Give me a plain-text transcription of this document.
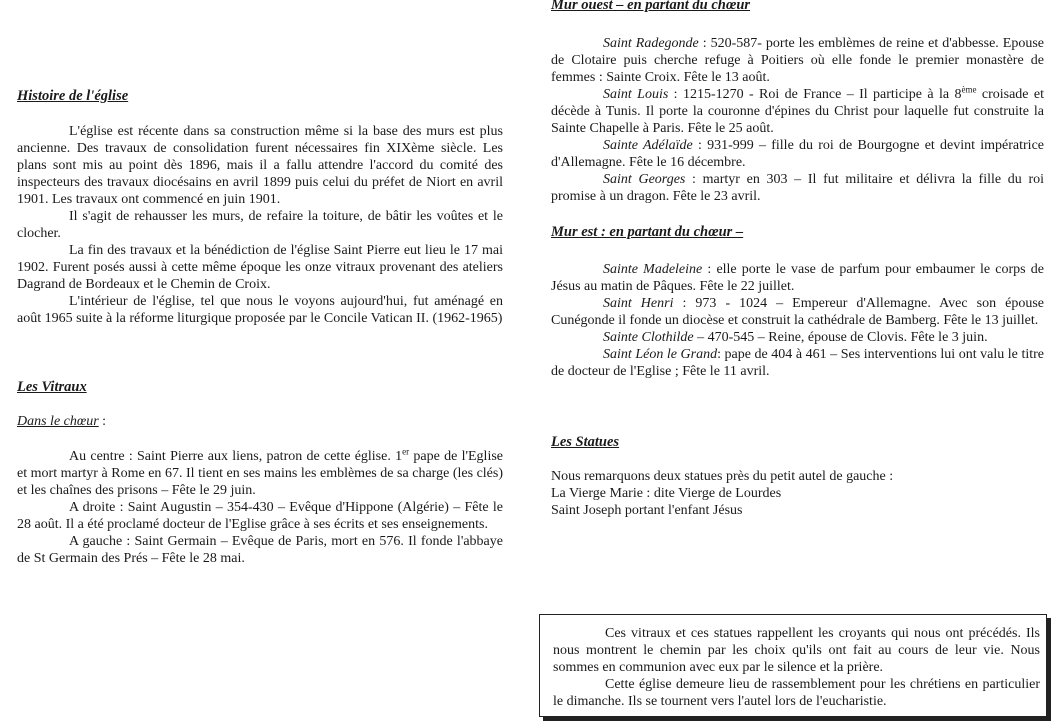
Histoire de l'église

L'église est récente dans sa construction même si la base des murs est plus ancienne. Des travaux de consolidation furent nécessaires fin XIXème siècle. Les plans sont mis au point dès 1896, mais il a fallu attendre l'accord du comité des inspecteurs des travaux diocésains en avril 1899 puis celui du préfet de Niort en avril 1901. Les travaux ont commencé en juin 1901.

Il s'agit de rehausser les murs, de refaire la toiture, de bâtir les voûtes et le clocher.

La fin des travaux et la bénédiction de l'église Saint Pierre eut lieu le 17 mai 1902. Furent posés aussi à cette même époque les onze vitraux provenant des ateliers Dagrand de Bordeaux et le Chemin de Croix.

L'intérieur de l'église, tel que nous le voyons aujourd'hui, fut aménagé en août 1965 suite à la réforme liturgique proposée par le Concile Vatican II. (1962-1965)

Les Vitraux

Dans le chœur :

Au centre : Saint Pierre aux liens, patron de cette église. 1er pape de l'Eglise et mort martyr à Rome en 67. Il tient en ses mains les emblèmes de sa charge (les clés) et les chaînes des prisons – Fête le 29 juin.

A droite : Saint Augustin – 354-430 – Evêque d'Hippone (Algérie) – Fête le 28 août. Il a été proclamé docteur de l'Eglise grâce à ses écrits et ses enseignements.

A gauche : Saint Germain – Evêque de Paris, mort en 576. Il fonde l'abbaye de St Germain des Prés – Fête le 28 mai.

Mur ouest – en partant du chœur

Saint Radegonde : 520-587- porte les emblèmes de reine et d'abbesse. Epouse de Clotaire puis cherche refuge à Poitiers où elle fonde le premier monastère de femmes : Sainte Croix. Fête le 13 août.

Saint Louis : 1215-1270 - Roi de France – Il participe à la 8ème croisade et décède à Tunis. Il porte la couronne d'épines du Christ pour laquelle fut construite la Sainte Chapelle à Paris. Fête le 25 août.

Sainte Adélaïde : 931-999 – fille du roi de Bourgogne et devint impératrice d'Allemagne. Fête le 16 décembre.

Saint Georges : martyr en 303 – Il fut militaire et délivra la fille du roi promise à un dragon. Fête le 23 avril.

Mur est : en partant du chœur –

Sainte Madeleine : elle porte le vase de parfum pour embaumer le corps de Jésus au matin de Pâques. Fête le 22 juillet.

Saint Henri : 973 - 1024 – Empereur d'Allemagne. Avec son épouse Cunégonde il fonde un diocèse et construit la cathédrale de Bamberg. Fête le 13 juillet.

Sainte Clothilde – 470-545 – Reine, épouse de Clovis. Fête le 3 juin.

Saint Léon le Grand: pape de 404 à 461 – Ses interventions lui ont valu le titre de docteur de l'Eglise ; Fête le 11 avril.

Les Statues

Nous remarquons deux statues près du petit autel de gauche :

La Vierge Marie : dite Vierge de Lourdes

Saint Joseph portant l'enfant Jésus

Ces vitraux et ces statues rappellent les croyants qui nous ont précédés. Ils nous montrent le chemin par les choix qu'ils ont fait au cours de leur vie. Nous sommes en communion avec eux par le silence et la prière.

Cette église demeure lieu de rassemblement pour les chrétiens en particulier le dimanche. Ils se tournent vers l'autel lors de l'eucharistie.
